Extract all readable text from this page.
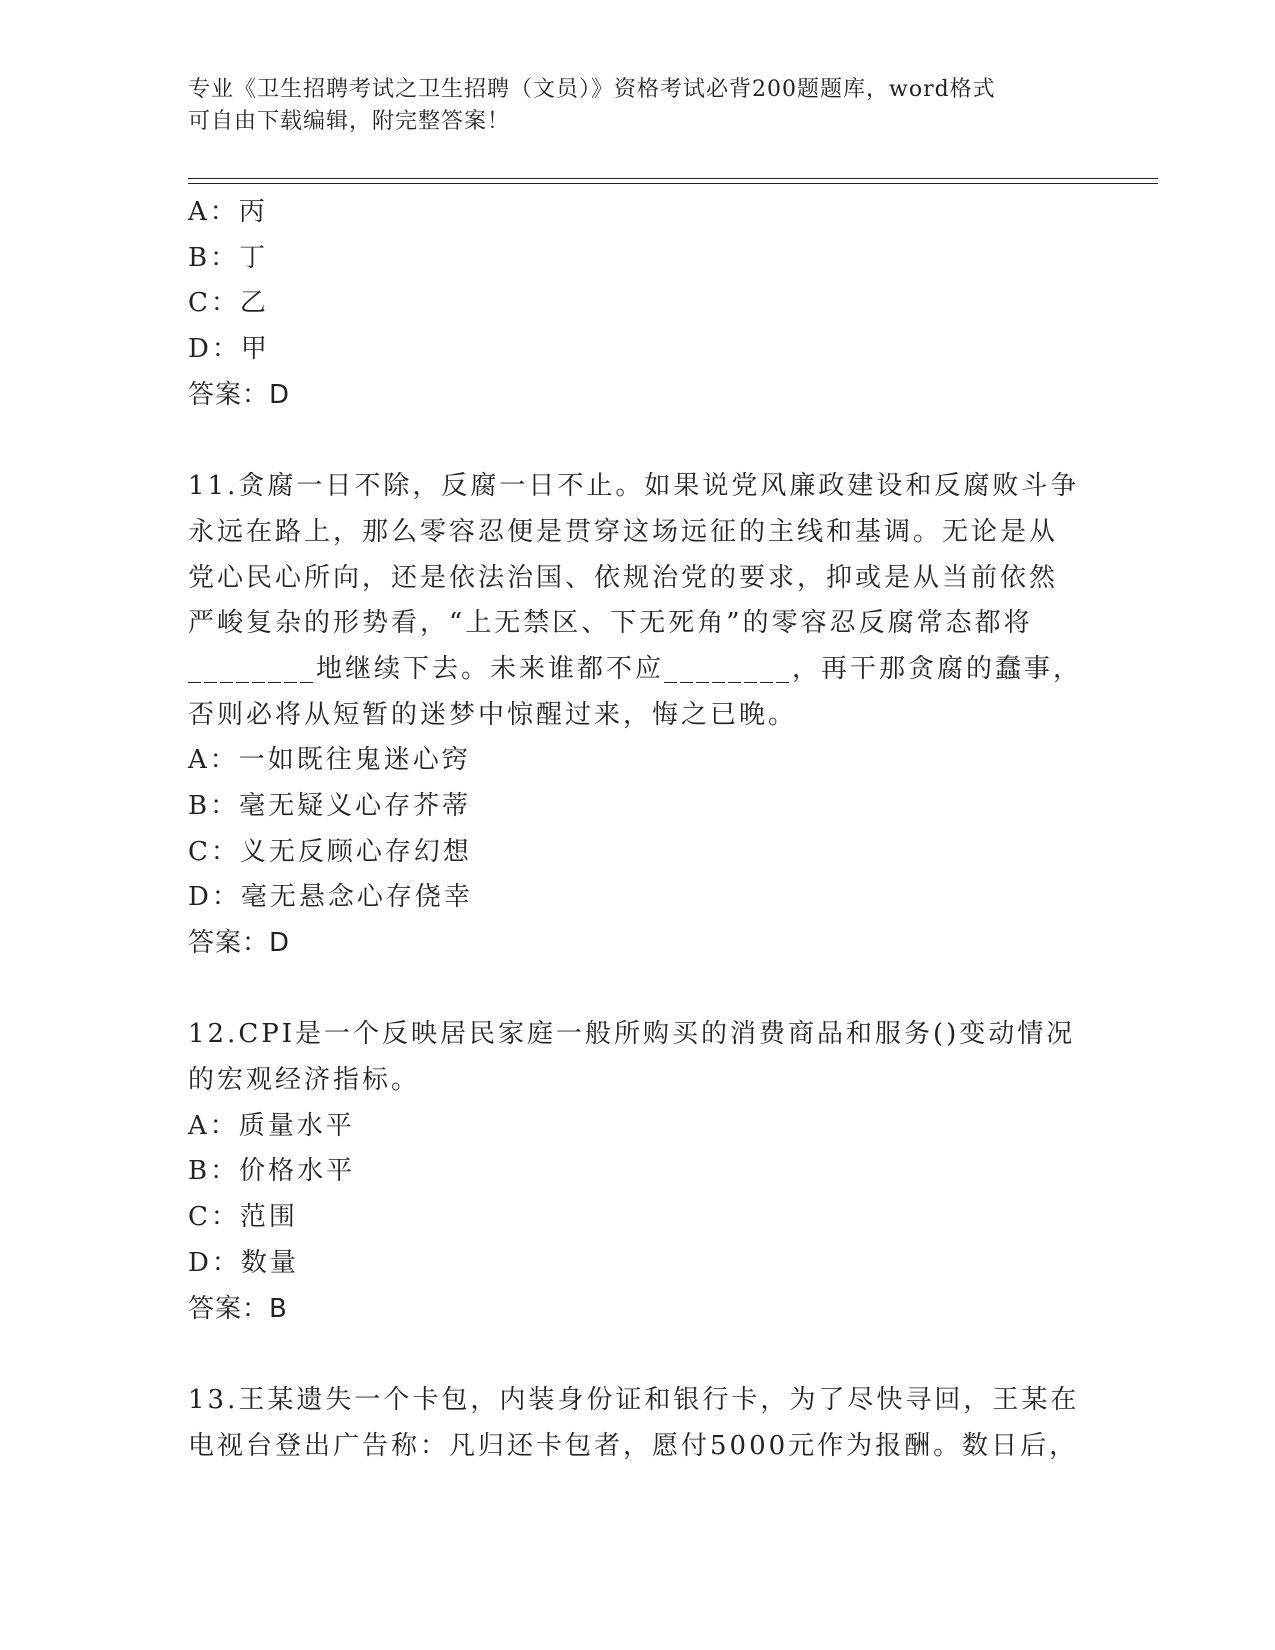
专业《卫生招聘考试之卫生招聘（文员）》资格考试必背200题题库，word格式
可自由下载编辑，附完整答案！
A：丙
B：丁
C：乙
D：甲
答案：D
11.贪腐一日不除，反腐一日不止。如果说党风廉政建设和反腐败斗争
永远在路上，那么零容忍便是贯穿这场远征的主线和基调。无论是从
党心民心所向，还是依法治国、依规治党的要求，抑或是从当前依然
严峻复杂的形势看，“上无禁区、下无死角”的零容忍反腐常态都将
________地继续下去。未来谁都不应________，再干那贪腐的蠢事，
否则必将从短暂的迷梦中惊醒过来，悔之已晚。
A：一如既往鬼迷心窍
B：毫无疑义心存芥蒂
C：义无反顾心存幻想
D：毫无悬念心存侥幸
答案：D
12.CPI是一个反映居民家庭一般所购买的消费商品和服务()变动情况
的宏观经济指标。
A：质量水平
B：价格水平
C：范围
D：数量
答案：B
13.王某遗失一个卡包，内装身份证和银行卡，为了尽快寻回，王某在
电视台登出广告称：凡归还卡包者，愿付5000元作为报酬。数日后，
